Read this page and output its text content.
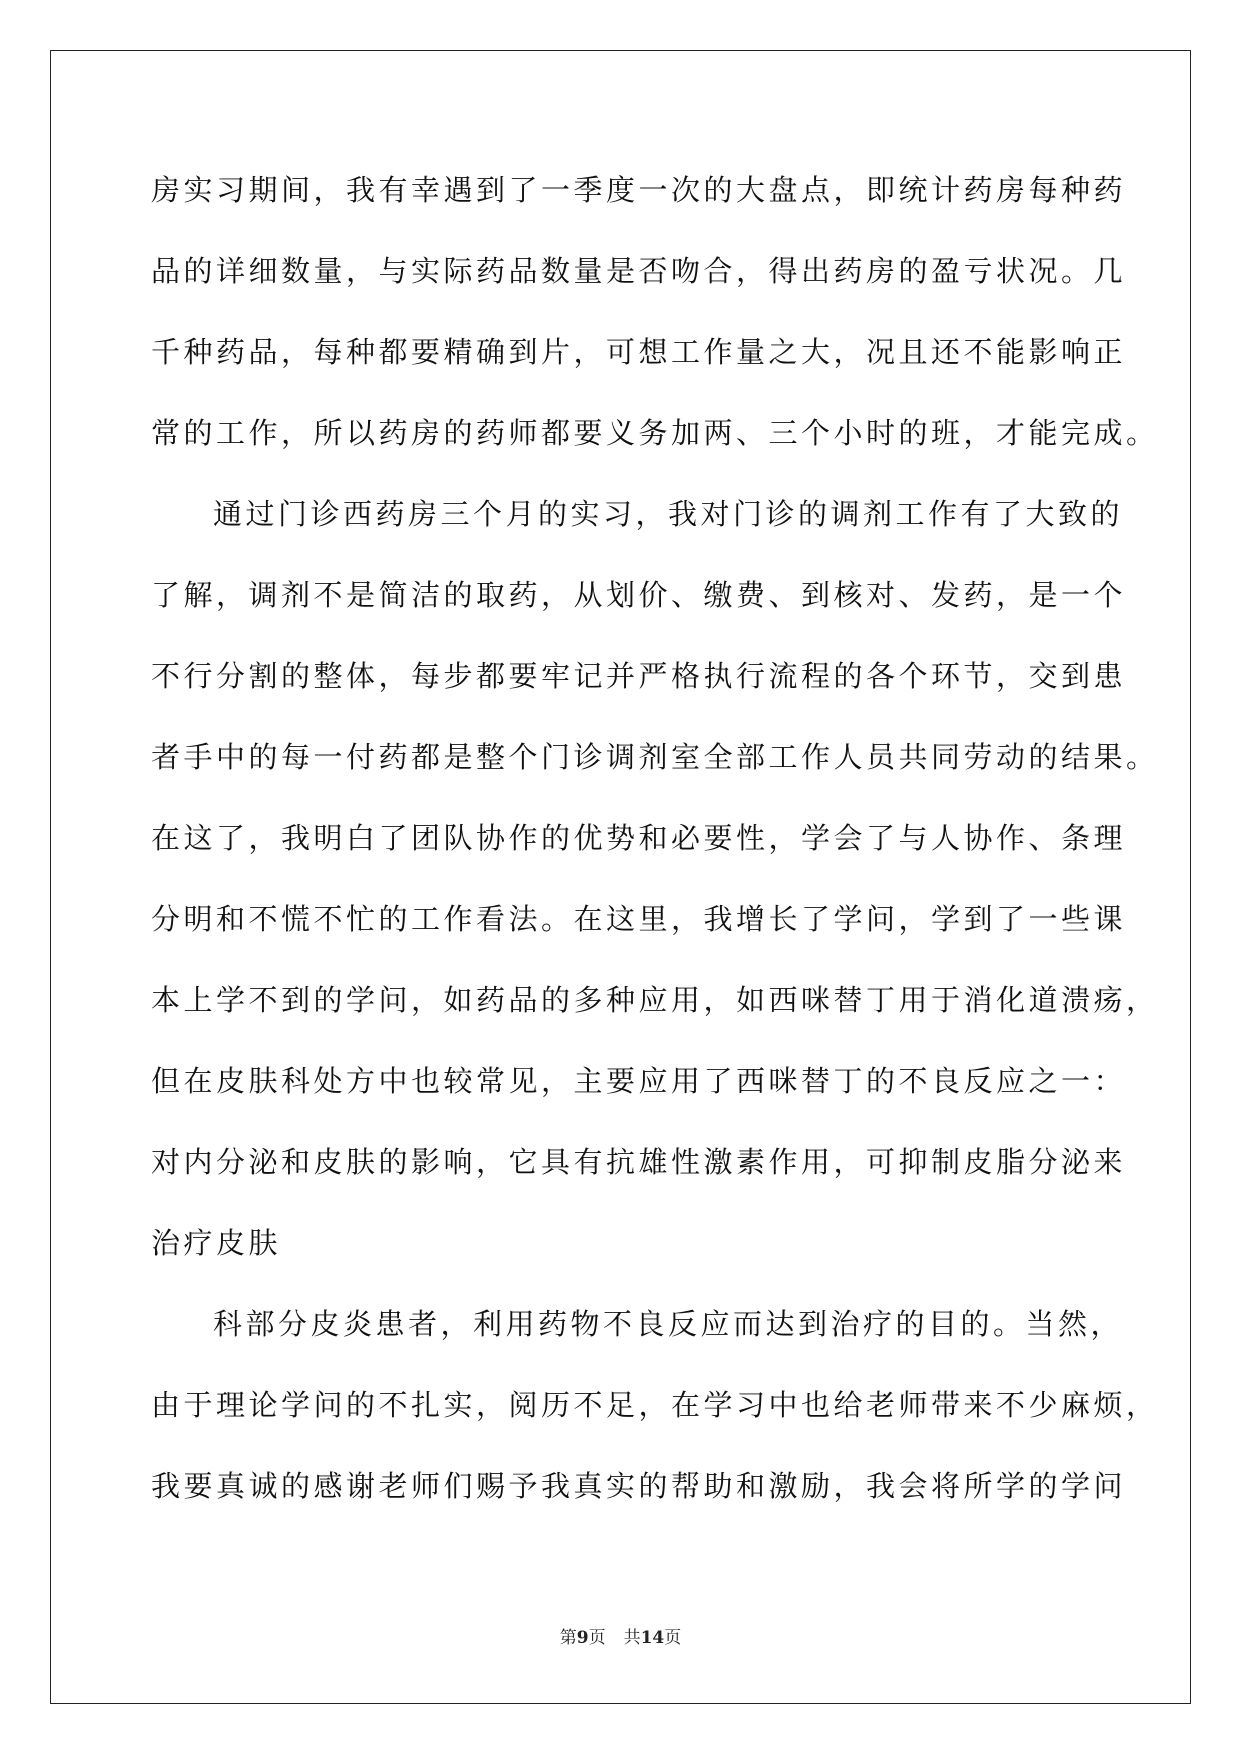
房实习期间，我有幸遇到了一季度一次的大盘点，即统计药房每种药
品的详细数量，与实际药品数量是否吻合，得出药房的盈亏状况。几
千种药品，每种都要精确到片，可想工作量之大，况且还不能影响正
常的工作，所以药房的药师都要义务加两、三个小时的班，才能完成。
通过门诊西药房三个月的实习，我对门诊的调剂工作有了大致的
了解，调剂不是简洁的取药，从划价、缴费、到核对、发药，是一个
不行分割的整体，每步都要牢记并严格执行流程的各个环节，交到患
者手中的每一付药都是整个门诊调剂室全部工作人员共同劳动的结果。
在这了，我明白了团队协作的优势和必要性，学会了与人协作、条理
分明和不慌不忙的工作看法。在这里，我增长了学问，学到了一些课
本上学不到的学问，如药品的多种应用，如西咪替丁用于消化道溃疡，
但在皮肤科处方中也较常见，主要应用了西咪替丁的不良反应之一：
对内分泌和皮肤的影响，它具有抗雄性激素作用，可抑制皮脂分泌来
治疗皮肤
科部分皮炎患者，利用药物不良反应而达到治疗的目的。当然，
由于理论学问的不扎实，阅历不足，在学习中也给老师带来不少麻烦，
我要真诚的感谢老师们赐予我真实的帮助和激励，我会将所学的学问
第9页 共14页
